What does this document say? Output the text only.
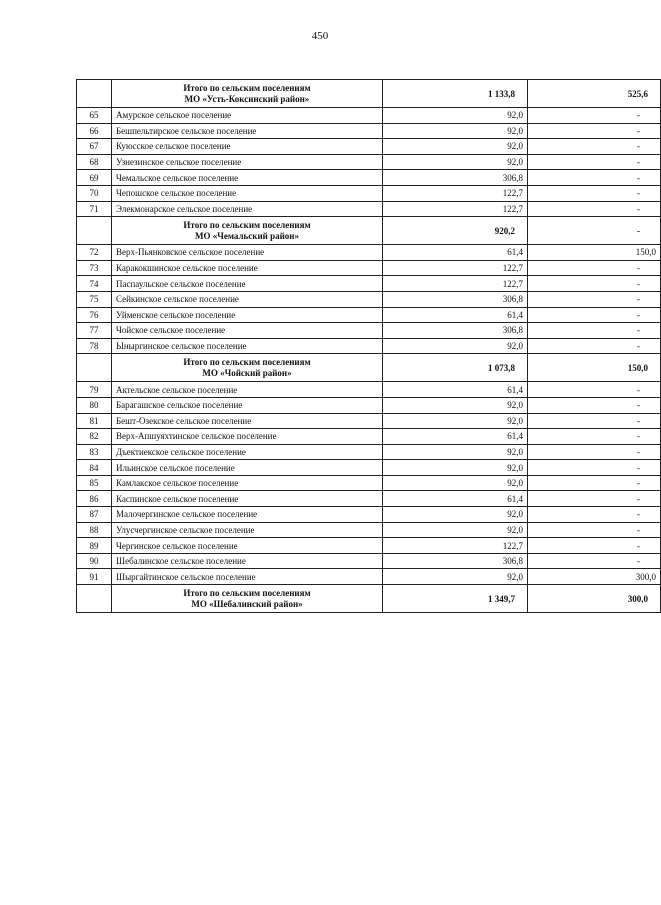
450

	Итого по сельским поселениям
МО «Усть-Коксинский район»	1 133,8	525,6
65	Амурское сельское поселение	92,0	-
66	Бешпельтирское сельское поселение	92,0	-
67	Куюсское сельское поселение	92,0	-
68	Узнезинское сельское поселение	92,0	-
69	Чемальское сельское поселение	306,8	-
70	Чепошское сельское поселение	122,7	-
71	Элекмонарское сельское поселение	122,7	-

	Итого по сельским поселениям
МО «Чемальский район»	920,2	-
72	Верх-Пьянковское сельское поселение	61,4	150,0
73	Каракокшинское сельское поселение	122,7	-
74	Паспаульское сельское поселение	122,7	-
75	Сейкинское сельское поселение	306,8	-
76	Уйменское сельское поселение	61,4	-
77	Чойское сельское поселение	306,8	-
78	Ыныргинское сельское поселение	92,0	-

	Итого по сельским поселениям
МО «Чойский район»	1 073,8	150,0
79	Актельское сельское поселение	61,4	-
80	Барагашское сельское поселение	92,0	-
81	Бешт-Озекское сельское поселение	92,0	-
82	Верх-Апшуяхтинское сельское поселение	61,4	-
83	Дъектиекское сельское поселение	92,0	-
84	Ильинское сельское поселение	92,0	-
85	Камлакское сельское поселение	92,0	-
86	Каспинское сельское поселение	61,4	-
87	Малочергинское сельское поселение	92,0	-
88	Улусчергинское сельское поселение	92,0	-
89	Чергинское сельское поселение	122,7	-
90	Шебалинское сельское поселение	306,8	-
91	Шыргайтинское сельское поселение	92,0	300,0

	Итого по сельским поселениям
МО «Шебалинский район»	1 349,7	300,0
